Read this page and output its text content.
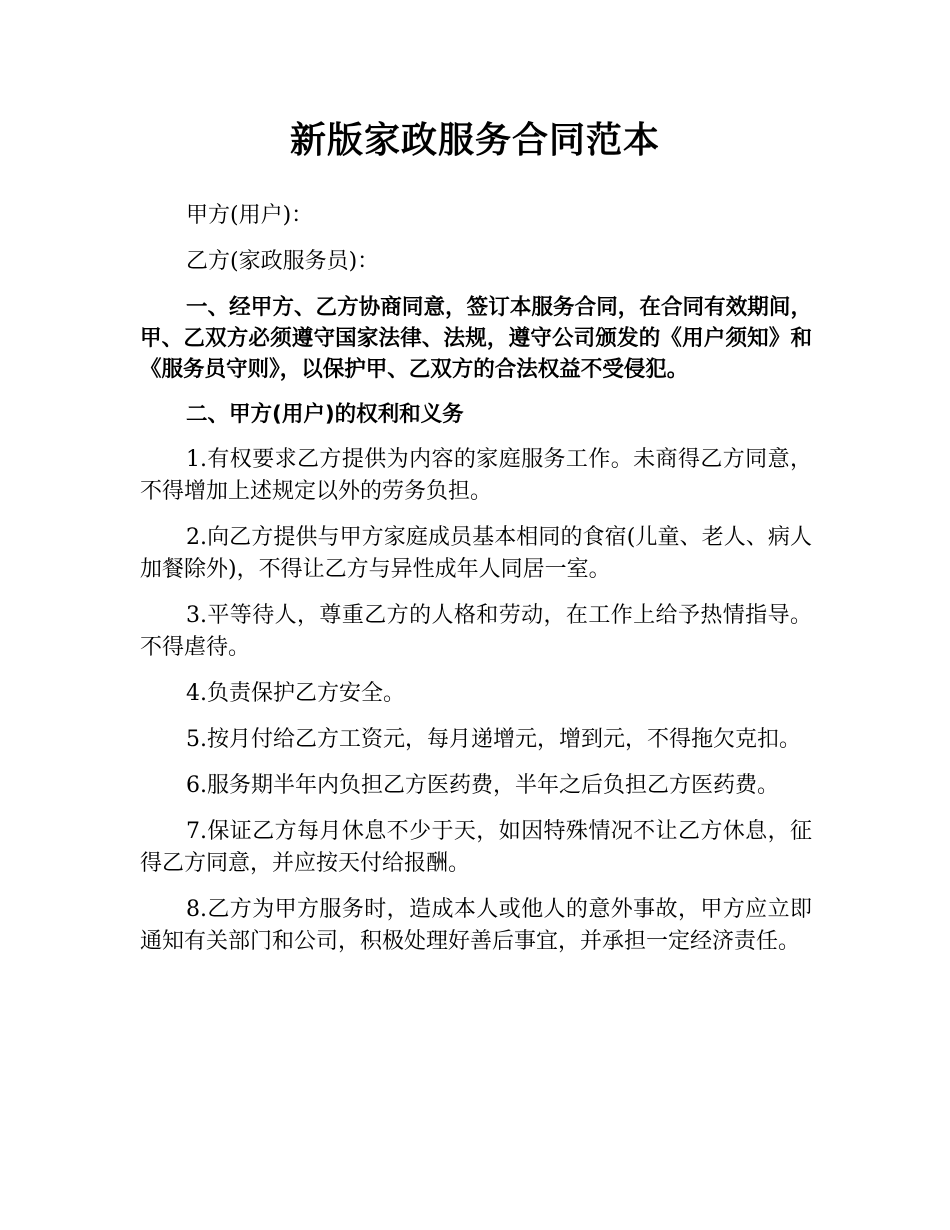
新版家政服务合同范本

甲方(用户)：

乙方(家政服务员)：

一、经甲方、乙方协商同意，签订本服务合同，在合同有效期间，甲、乙双方必须遵守国家法律、法规，遵守公司颁发的《用户须知》和《服务员守则》，以保护甲、乙双方的合法权益不受侵犯。

二、甲方(用户)的权利和义务

1.有权要求乙方提供为内容的家庭服务工作。未商得乙方同意，不得增加上述规定以外的劳务负担。

2.向乙方提供与甲方家庭成员基本相同的食宿(儿童、老人、病人加餐除外)，不得让乙方与异性成年人同居一室。

3.平等待人，尊重乙方的人格和劳动，在工作上给予热情指导。不得虐待。

4.负责保护乙方安全。

5.按月付给乙方工资元，每月递增元，增到元，不得拖欠克扣。

6.服务期半年内负担乙方医药费，半年之后负担乙方医药费。

7.保证乙方每月休息不少于天，如因特殊情况不让乙方休息，征得乙方同意，并应按天付给报酬。

8.乙方为甲方服务时，造成本人或他人的意外事故，甲方应立即通知有关部门和公司，积极处理好善后事宜，并承担一定经济责任。
